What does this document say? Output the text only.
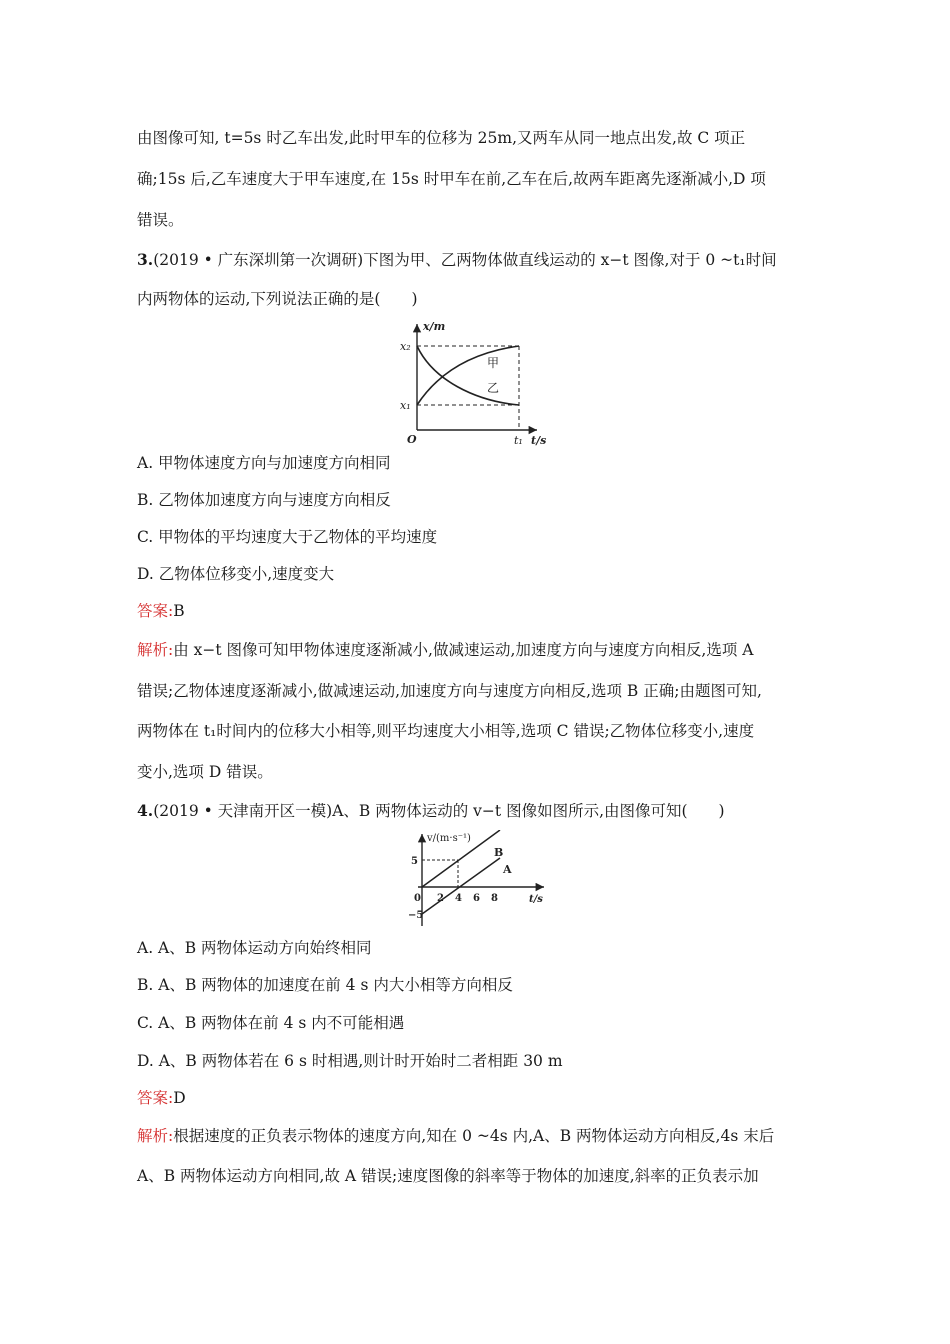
由图像可知, t=5s 时乙车出发,此时甲车的位移为 25m,又两车从同一地点出发,故 C 项正
确;15s 后,乙车速度大于甲车速度,在 15s 时甲车在前,乙车在后,故两车距离先逐渐减小,D 项
错误。
3.(2019 • 广东深圳第一次调研)下图为甲、乙两物体做直线运动的 x−t 图像,对于 0 ~t₁时间
内两物体的运动,下列说法正确的是(　　)
x/m
t/s
O
x₂
x₁
t₁
甲
乙
A. 甲物体速度方向与加速度方向相同
B. 乙物体加速度方向与速度方向相反
C. 甲物体的平均速度大于乙物体的平均速度
D. 乙物体位移变小,速度变大
答案:B
解析:由 x−t 图像可知甲物体速度逐渐减小,做减速运动,加速度方向与速度方向相反,选项 A
错误;乙物体速度逐渐减小,做减速运动,加速度方向与速度方向相反,选项 B 正确;由题图可知,
两物体在 t₁时间内的位移大小相等,则平均速度大小相等,选项 C 错误;乙物体位移变小,速度
变小,选项 D 错误。
4.(2019 • 天津南开区一模)A、B 两物体运动的 v−t 图像如图所示,由图像可知(　　)
v/(m·s⁻¹)
t/s
0
5
−5
2 4 6 8
B
A
A. A、B 两物体运动方向始终相同
B. A、B 两物体的加速度在前 4 s 内大小相等方向相反
C. A、B 两物体在前 4 s 内不可能相遇
D. A、B 两物体若在 6 s 时相遇,则计时开始时二者相距 30 m
答案:D
解析:根据速度的正负表示物体的速度方向,知在 0 ~4s 内,A、B 两物体运动方向相反,4s 末后
A、B 两物体运动方向相同,故 A 错误;速度图像的斜率等于物体的加速度,斜率的正负表示加
